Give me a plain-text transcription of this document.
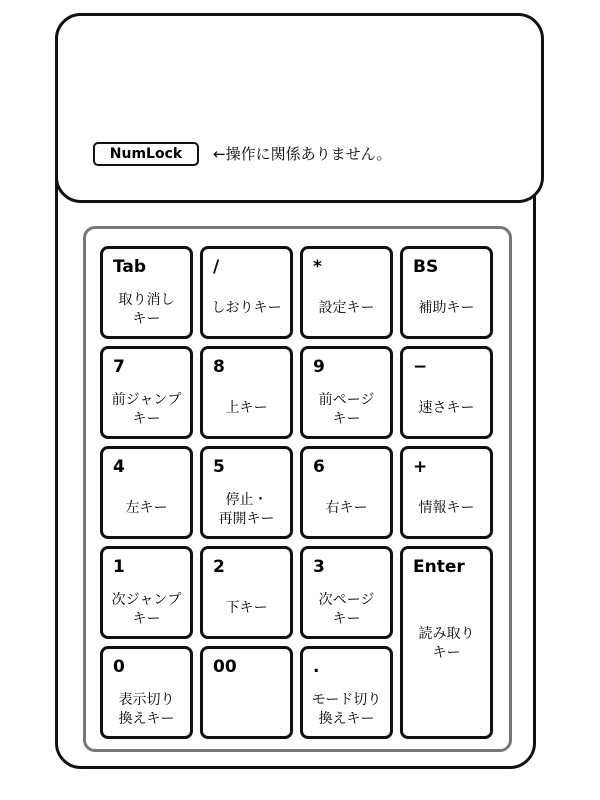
NumLock	←操作に関係ありません。
Tab
取り消し
キー
/
しおりキー
*
設定キー
BS
補助キー
7
前ジャンプ
キー
8
上キー
9
前ページ
キー
−
速さキー
4
左キー
5
停止・
再開キー
6
右キー
+
情報キー
1
次ジャンプ
キー
2
下キー
3
次ページ
キー
Enter
読み取り
キー
0
表示切り
換えキー
00	.
モード切り
換えキー
